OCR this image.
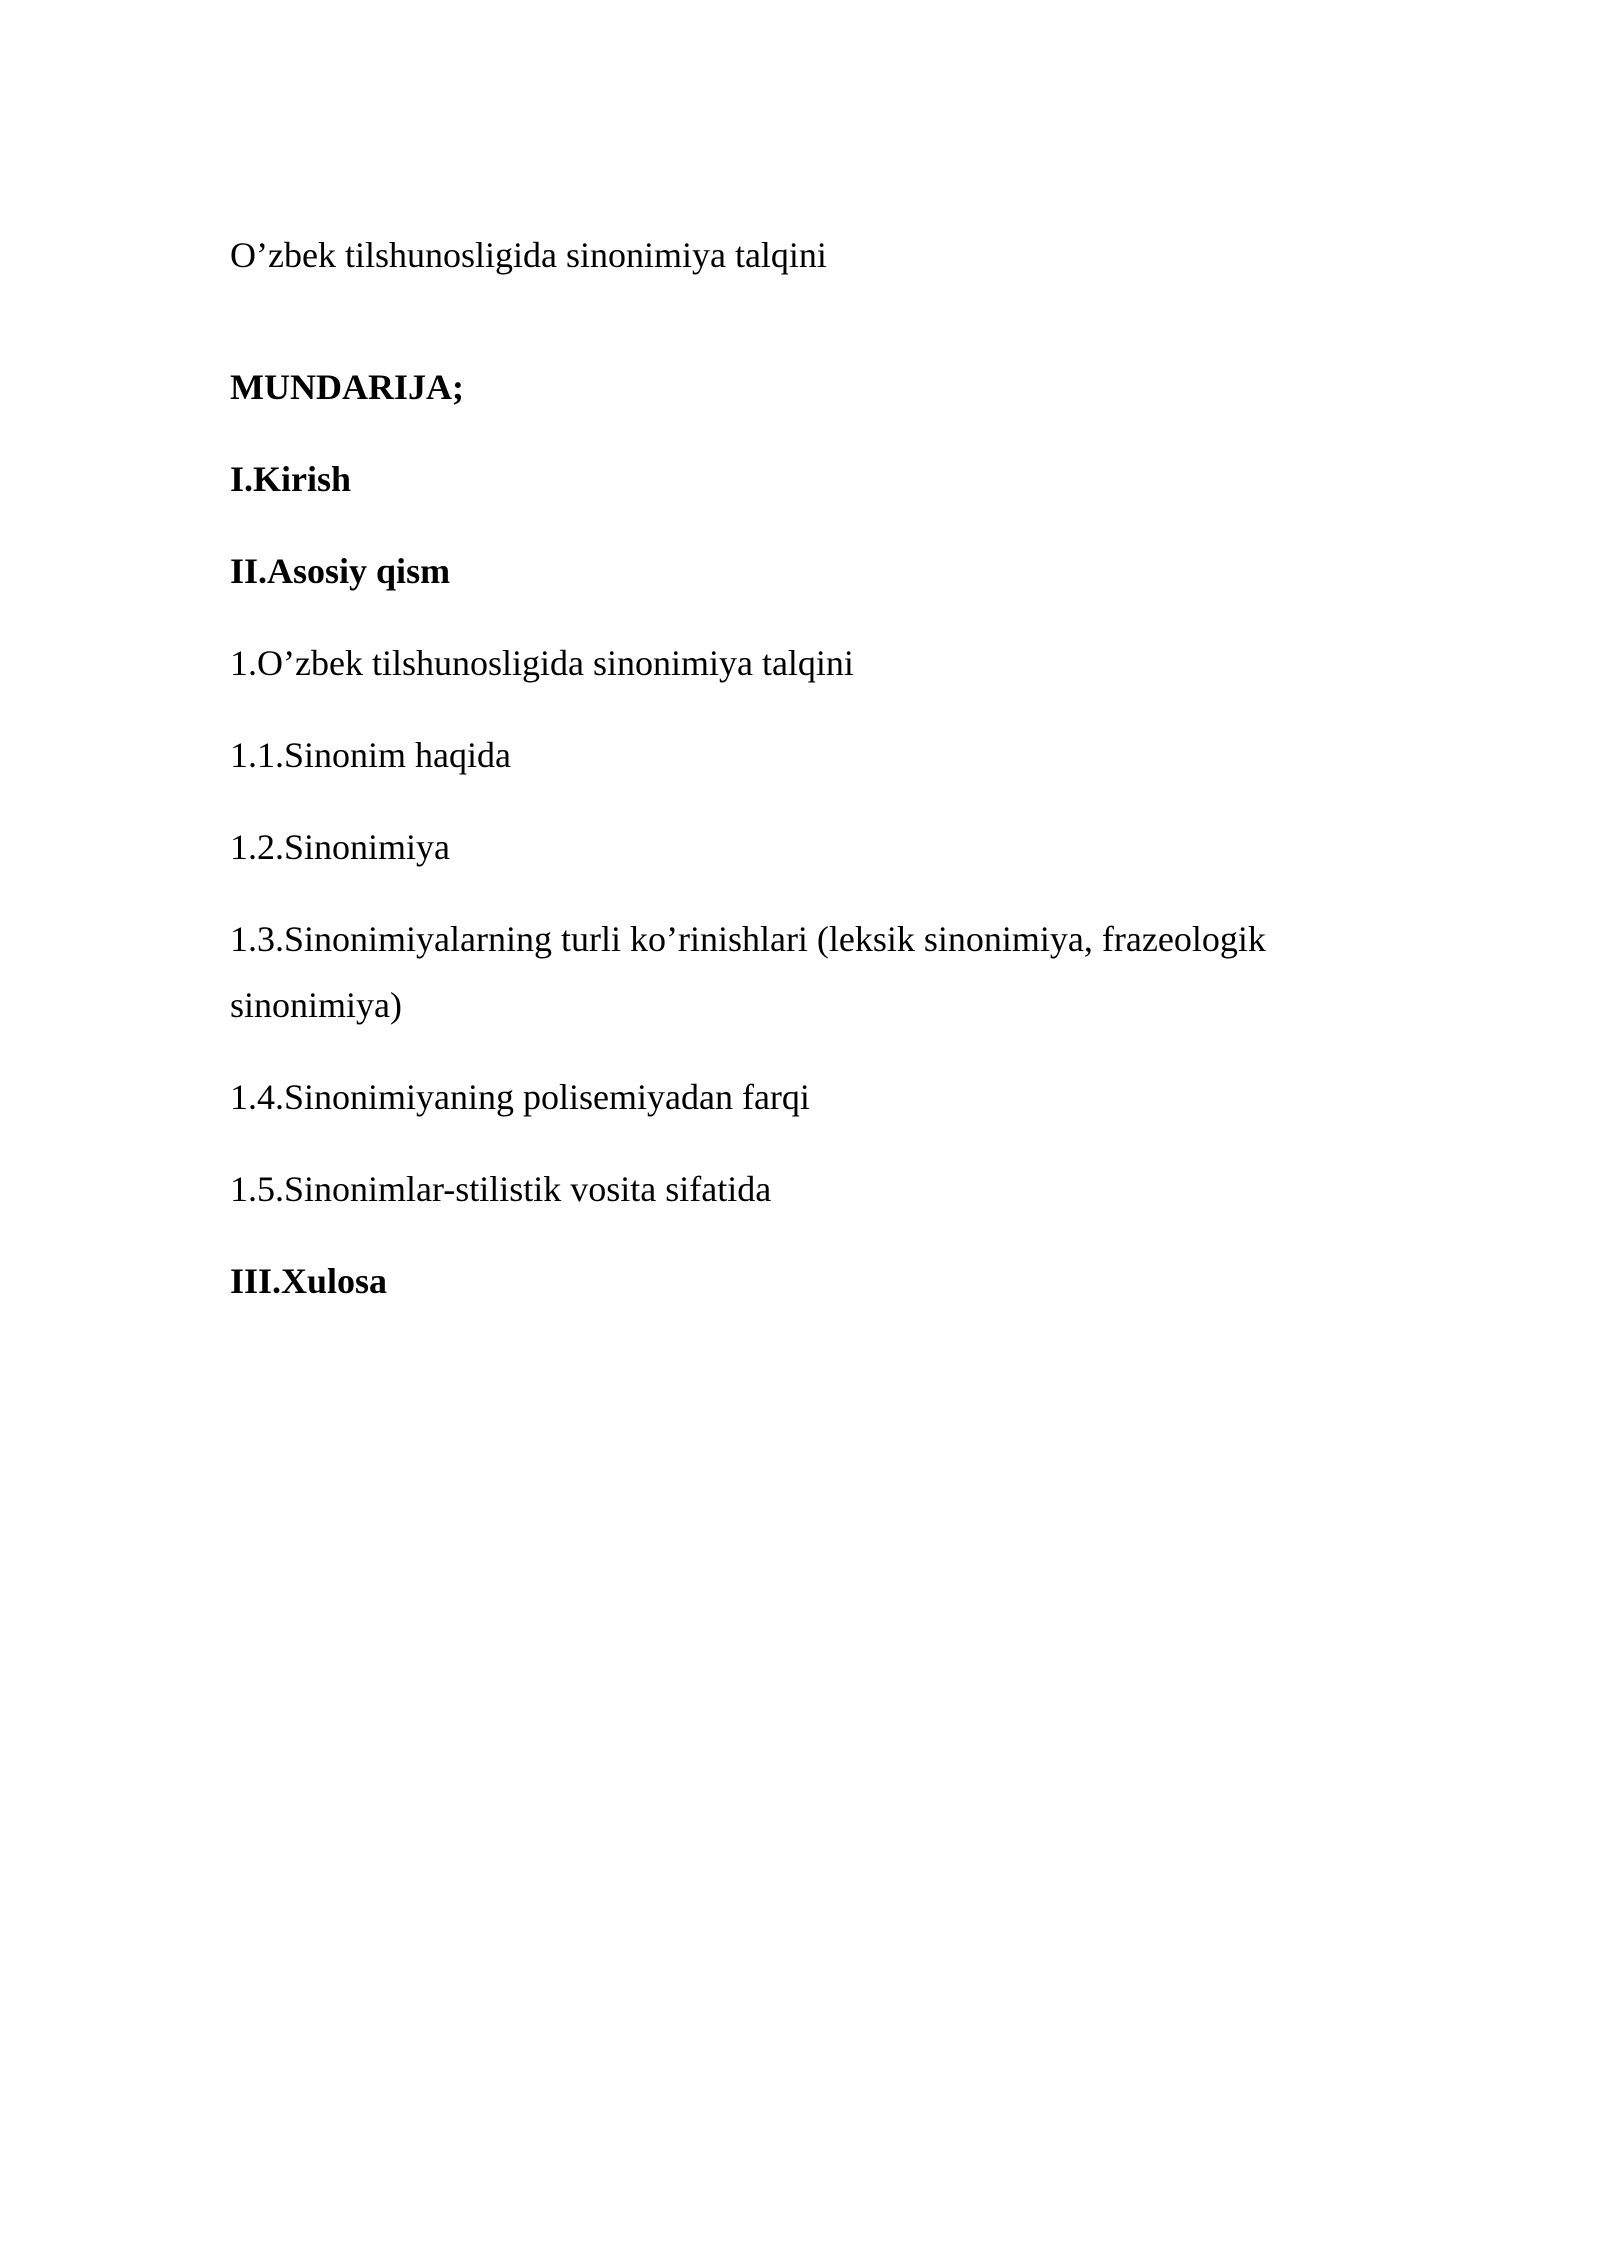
O’zbek tilshunosligida sinonimiya talqini

MUNDARIJA;

I.Kirish
II.Asosiy qism
1.O’zbek tilshunosligida sinonimiya talqini
1.1.Sinonim haqida
1.2.Sinonimiya
1.3.Sinonimiyalarning turli ko’rinishlari (leksik sinonimiya, frazeologik sinonimiya)
1.4.Sinonimiyaning polisemiyadan farqi
1.5.Sinonimlar-stilistik vosita sifatida
III.Xulosa
